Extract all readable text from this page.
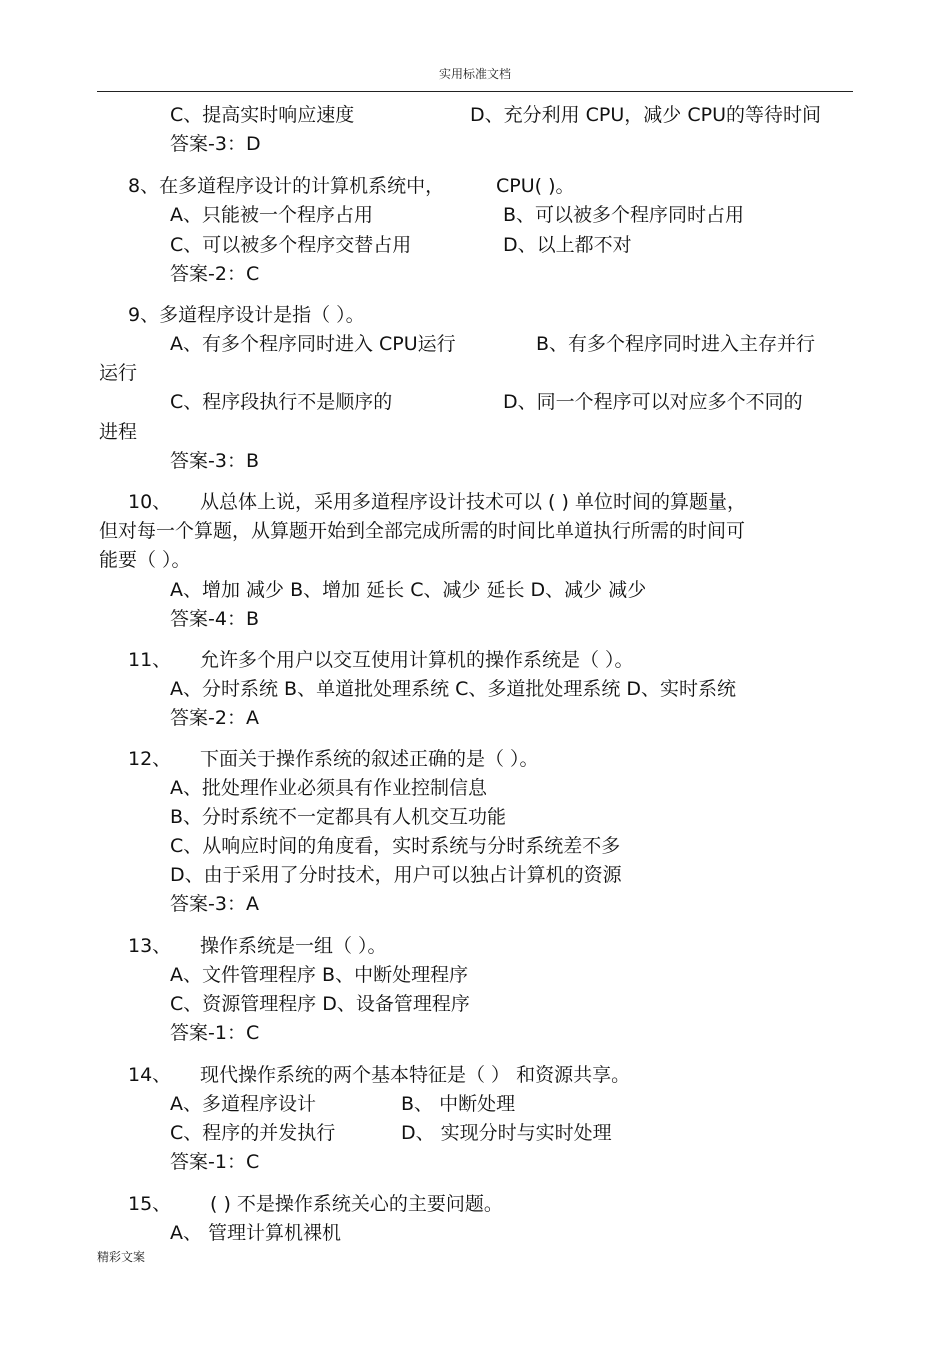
实用标准文档
C、提高实时响应速度	D、充分利用 CPU，减少 CPU的等待时间
答案-3：D
8、在多道程序设计的计算机系统中，	CPU( )。
A、只能被一个程序占用	B、可以被多个程序同时占用
C、可以被多个程序交替占用	D、以上都不对
答案-2：C
9、多道程序设计是指（ ）。
A、有多个程序同时进入 CPU运行	B、有多个程序同时进入主存并行
运行
C、程序段执行不是顺序的	D、同一个程序可以对应多个不同的
进程
答案-3：B
10、 从总体上说，采用多道程序设计技术可以 ( ) 单位时间的算题量，
但对每一个算题，从算题开始到全部完成所需的时间比单道执行所需的时间可
能要（ ）。
A、增加 减少 B、增加 延长 C、减少 延长 D、减少 减少
答案-4：B
11、 允许多个用户以交互使用计算机的操作系统是（ ）。
A、分时系统 B、单道批处理系统 C、多道批处理系统 D、实时系统
答案-2：A
12、 下面关于操作系统的叙述正确的是（ ）。
A、批处理作业必须具有作业控制信息
B、分时系统不一定都具有人机交互功能
C、从响应时间的角度看，实时系统与分时系统差不多
D、由于采用了分时技术，用户可以独占计算机的资源
答案-3：A
13、 操作系统是一组（ ）。
A、文件管理程序 B、中断处理程序
C、资源管理程序 D、设备管理程序
答案-1：C
14、 现代操作系统的两个基本特征是（ ） 和资源共享。
A、多道程序设计	B、 中断处理
C、程序的并发执行	D、 实现分时与实时处理
答案-1：C
15、 ( ) 不是操作系统关心的主要问题。
A、 管理计算机裸机
精彩文案
